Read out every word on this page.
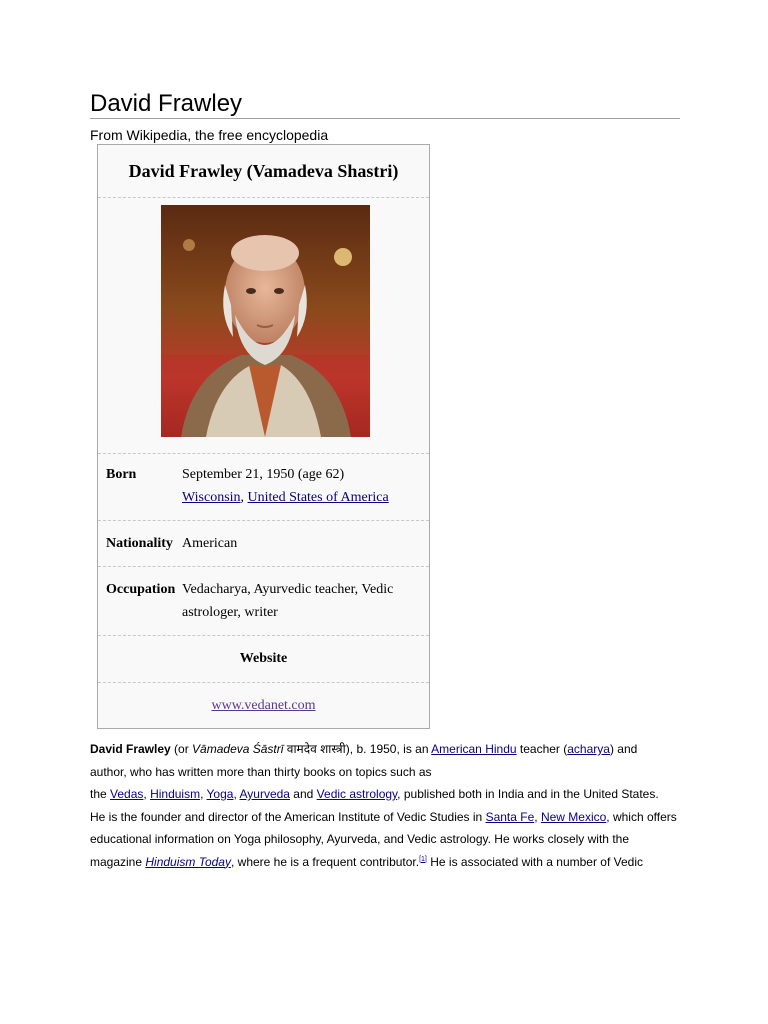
David Frawley
From Wikipedia, the free encyclopedia
David Frawley (Vamadeva Shastri)
Born	September 21, 1950 (age 62)
Wisconsin, United States of America
Nationality American
Occupation Vedacharya, Ayurvedic teacher, Vedic astrologer, writer
Website
www.vedanet.com

David Frawley (or Vāmadeva Śāstrī वामदेव शास्त्री), b. 1950, is an American Hindu teacher (acharya) and

author, who has written more than thirty books on topics such as

the Vedas, Hinduism, Yoga, Ayurveda and Vedic astrology, published both in India and in the United States.

He is the founder and director of the American Institute of Vedic Studies in Santa Fe, New Mexico, which offers

educational information on Yoga philosophy, Ayurveda, and Vedic astrology. He works closely with the

magazine Hinduism Today, where he is a frequent contributor.[1] He is associated with a number of Vedic
